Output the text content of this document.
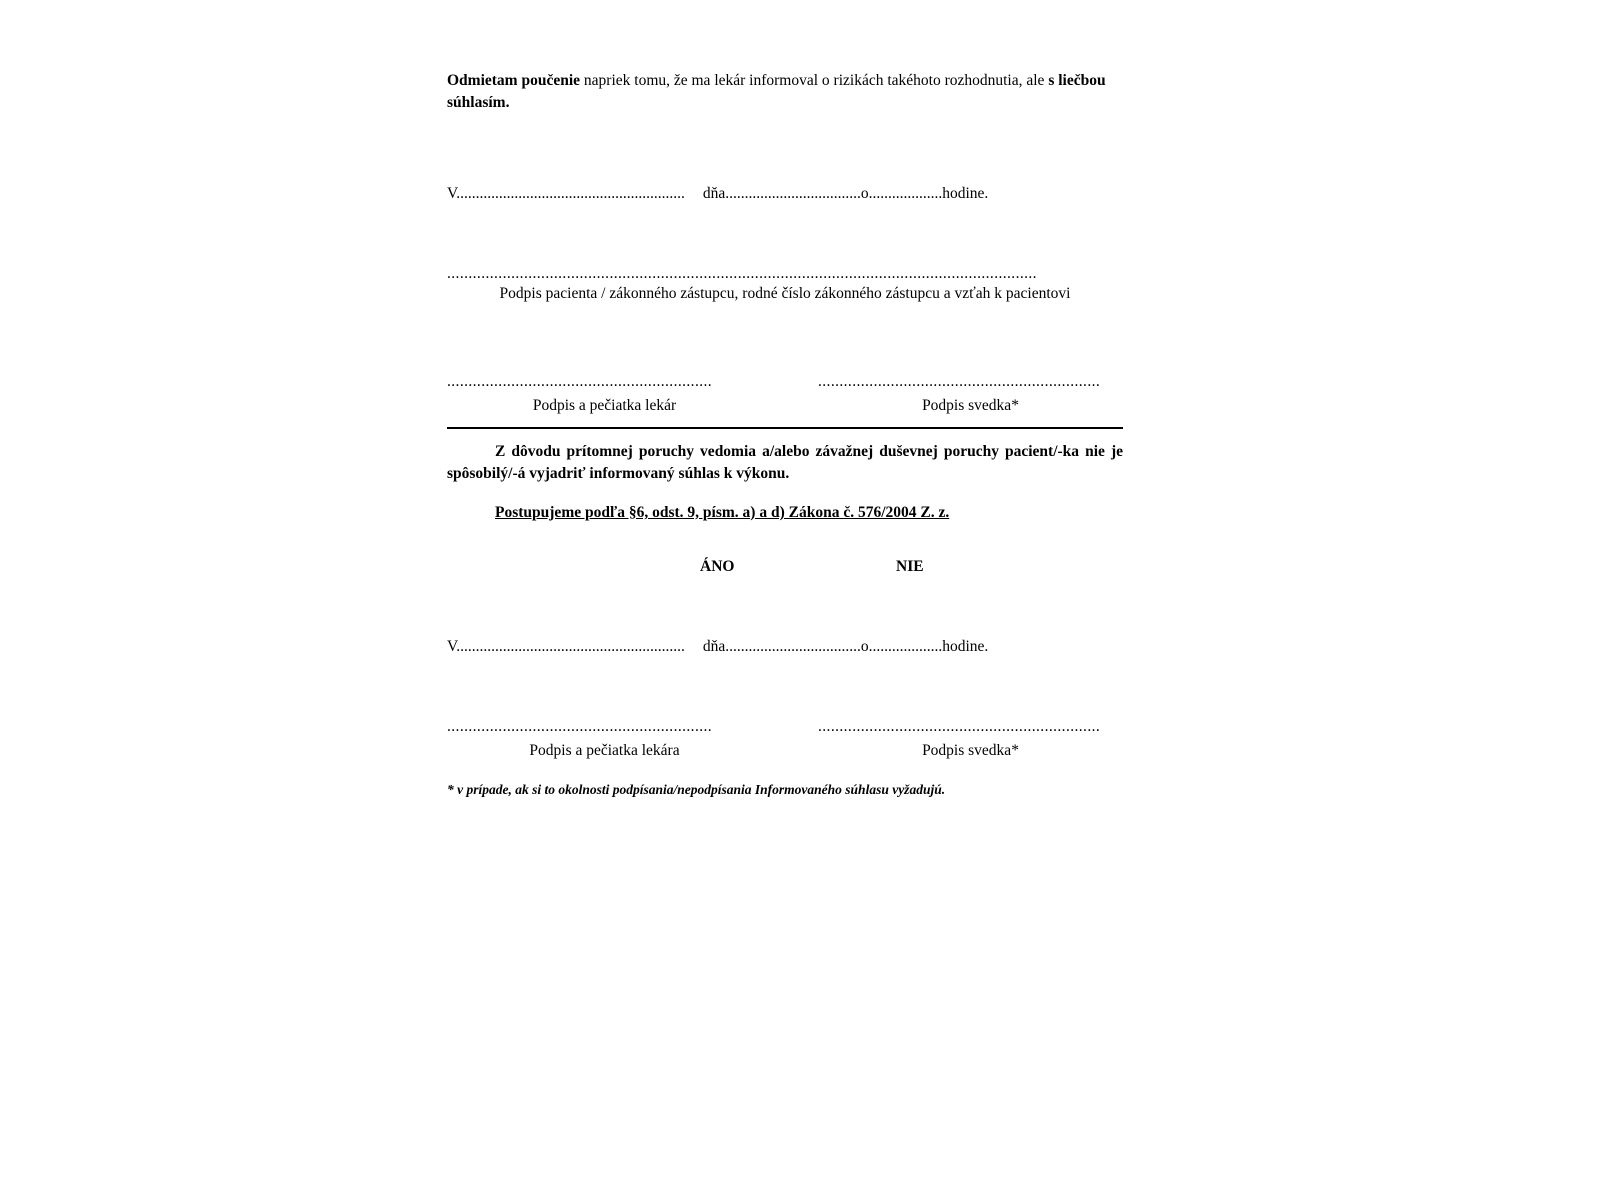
Odmietam poučenie napriek tomu, že ma lekár informoval o rizikách takéhoto rozhodnutia, ale s liečbou súhlasím.

V........................................................... dňa...................................o...................hodine.
..........................................................................................................................................
Podpis pacienta / zákonného zástupcu, rodné číslo zákonného zástupcu a vzťah k pacientovi
..............................................................
Podpis a pečiatka lekár
..................................................................
Podpis svedka*

Z dôvodu prítomnej poruchy vedomia a/alebo závažnej duševnej poruchy pacient/-ka nie je spôsobilý/-á vyjadriť informovaný súhlas k výkonu.

Postupujeme podľa §6, odst. 9, písm. a) a d) Zákona č. 576/2004 Z. z.

ÁNO	NIE
V........................................................... dňa...................................o...................hodine.
..............................................................
Podpis a pečiatka lekára
..................................................................
Podpis svedka*
* v prípade, ak si to okolnosti podpísania/nepodpísania Informovaného súhlasu vyžadujú.
